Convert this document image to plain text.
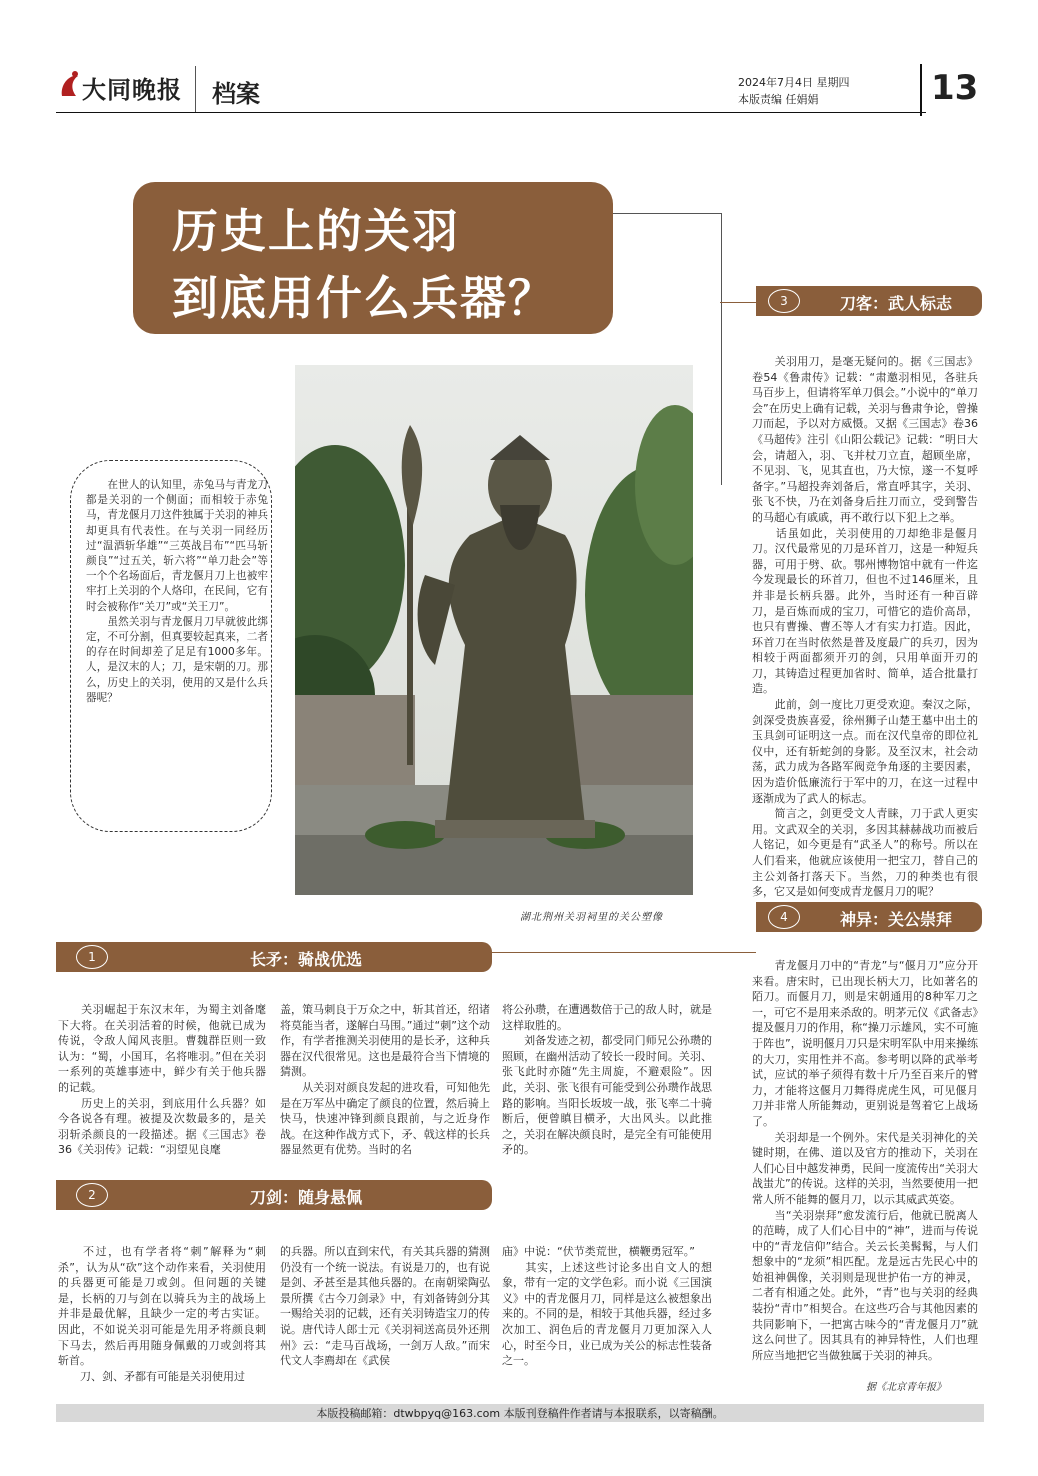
大同晚报 档案	2024年7月4日 星期四
本版责编 任娟娟	13
历史上的关羽
到底用什么兵器？
湖北荆州关羽祠里的关公塑像
　　在世人的认知里，赤兔马与青龙刀都是关羽的一个侧面；而相较于赤兔马，青龙偃月刀这件独属于关羽的神兵却更具有代表性。在与关羽一同经历过“温酒斩华雄”“三英战吕布”“匹马斩颜良”“过五关，斩六将”“单刀赴会”等一个个名场面后，青龙偃月刀上也被牢牢打上关羽的个人烙印，在民间，它有时会被称作“关刀”或“关王刀”。
　　虽然关羽与青龙偃月刀早就彼此绑定，不可分割，但真要较起真来，二者的存在时间却差了足足有1000多年。人，是汉末的人；刀，是宋朝的刀。那么，历史上的关羽，使用的又是什么兵器呢？
3	刀客：武人标志
　　关羽用刀，是毫无疑问的。据《三国志》卷54《鲁肃传》记载：“肃邀羽相见，各驻兵马百步上，但请将军单刀俱会。”小说中的“单刀会”在历史上确有记载，关羽与鲁肃争论，曾操刀而起，予以对方威慑。又据《三国志》卷36《马超传》注引《山阳公载记》记载：“明日大会，请超入，羽、飞并杖刀立直，超顾坐席，不见羽、飞，见其直也，乃大惊，遂一不复呼备字。”马超投奔刘备后，常直呼其字，关羽、张飞不快，乃在刘备身后拄刀而立，受到警告的马超心有戚戚，再不敢行以下犯上之举。
　　话虽如此，关羽使用的刀却绝非是偃月刀。汉代最常见的刀是环首刀，这是一种短兵器，可用于劈、砍。鄂州博物馆中就有一件迄今发现最长的环首刀，但也不过146厘米，且并非是长柄兵器。此外，当时还有一种百辟刀，是百炼而成的宝刀，可惜它的造价高昂，也只有曹操、曹丕等人才有实力打造。因此，环首刀在当时依然是普及度最广的兵刃，因为相较于两面都须开刃的剑，只用单面开刃的刀，其铸造过程更加省时、简单，适合批量打造。
　　此前，剑一度比刀更受欢迎。秦汉之际，剑深受贵族喜爱，徐州狮子山楚王墓中出土的玉具剑可证明这一点。而在汉代皇帝的即位礼仪中，还有斩蛇剑的身影。及至汉末，社会动荡，武力成为各路军阀竞争角逐的主要因素，因为造价低廉流行于军中的刀，在这一过程中逐渐成为了武人的标志。
　　简言之，剑更受文人青睐，刀于武人更实用。文武双全的关羽，多因其赫赫战功而被后人铭记，如今更是有“武圣人”的称号。所以在人们看来，他就应该使用一把宝刀，替自己的主公刘备打落天下。当然，刀的种类也有很多，它又是如何变成青龙偃月刀的呢？
4	神异：关公崇拜
　　青龙偃月刀中的“青龙”与“偃月刀”应分开来看。唐宋时，已出现长柄大刀，比如著名的陌刀。而偃月刀，则是宋朝通用的8种军刀之一，可它不是用来杀敌的。明茅元仪《武备志》提及偃月刀的作用，称“操刀示雄风，实不可施于阵也”，说明偃月刀只是宋明军队中用来操练的大刀，实用性并不高。参考明以降的武举考试，应试的举子须得有数十斤乃至百来斤的臂力，才能将这偃月刀舞得虎虎生风，可见偃月刀并非常人所能舞动，更别说是驾着它上战场了。
　　关羽却是一个例外。宋代是关羽神化的关键时期，在佛、道以及官方的推动下，关羽在人们心目中越发神勇，民间一度流传出“关羽大战蚩尤”的传说。这样的关羽，当然要使用一把常人所不能舞的偃月刀，以示其威武英姿。
　　当“关羽崇拜”愈发流行后，他就已脱离人的范畴，成了人们心目中的“神”，进而与传说中的“青龙信仰”结合。关云长美髯髯，与人们想象中的“龙须”相匹配。龙是远古先民心中的始祖神偶像，关羽则是现世护佑一方的神灵，二者有相通之处。此外，“青”也与关羽的经典装扮“青巾”相契合。在这些巧合与其他因素的共同影响下，一把寓古味今的“青龙偃月刀”就这么问世了。因其具有的神异特性，人们也理所应当地把它当做独属于关羽的神兵。
据《北京青年报》
1	长矛：骑战优选
　　关羽崛起于东汉末年，为蜀主刘备麾下大将。在关羽活着的时候，他就已成为传说，令敌人闻风丧胆。曹魏群臣则一致认为：“蜀，小国耳，名将唯羽。”但在关羽一系列的英雄事迹中，鲜少有关于他兵器的记载。
　　历史上的关羽，到底用什么兵器？如今各说各有理。被提及次数最多的，是关羽斩杀颜良的一段描述。据《三国志》卷36《关羽传》记载：“羽望见良麾
盖，策马刺良于万众之中，斩其首还，绍诸将莫能当者，遂解白马围。”通过“刺”这个动作，有学者推测关羽使用的是长矛，这种兵器在汉代很常见。这也是最符合当下情境的猜测。
　　从关羽对颜良发起的进攻看，可知他先是在万军丛中确定了颜良的位置，然后骑上快马，快速冲锋到颜良跟前，与之近身作战。在这种作战方式下，矛、戟这样的长兵器显然更有优势。当时的名
将公孙瓒，在遭遇数倍于己的敌人时，就是这样取胜的。
　　刘备发迹之初，都受同门师兄公孙瓒的照顾，在幽州活动了较长一段时间。关羽、张飞此时亦随“先主周旋，不避艰险”。因此，关羽、张飞很有可能受到公孙瓒作战思路的影响。当阳长坂坡一战，张飞率二十骑断后，便曾瞋目横矛，大出风头。以此推之，关羽在解决颜良时，是完全有可能使用矛的。
2	刀剑：随身悬佩
　　不过，也有学者将“刺”解释为“刺杀”，认为从“砍”这个动作来看，关羽使用的兵器更可能是刀或剑。但问题的关键是，长柄的刀与剑在以骑兵为主的战场上并非是最优解，且缺少一定的考古实证。因此，不如说关羽可能是先用矛将颜良刺下马去，然后再用随身佩戴的刀或剑将其斩首。
　　刀、剑、矛都有可能是关羽使用过
的兵器。所以直到宋代，有关其兵器的猜测仍没有一个统一说法。有说是刀的，也有说是剑、矛甚至是其他兵器的。在南朝梁陶弘景所撰《古今刀剑录》中，有刘备铸剑分其一赐给关羽的记载，还有关羽铸造宝刀的传说。唐代诗人郎士元《关羽祠送高员外还荆州》云：“走马百战场，一剑万人敌。”而宋代文人李廌却在《武侯
庙》中说：“伏节类荒世，横鞭勇冠军。”
　　其实，上述这些讨论多出自文人的想象，带有一定的文学色彩。而小说《三国演义》中的青龙偃月刀，同样是这么被想象出来的。不同的是，相较于其他兵器，经过多次加工、润色后的青龙偃月刀更加深入人心，时至今日，业已成为关公的标志性装备之一。
本版投稿邮箱：dtwbpyq@163.com 本版刊登稿件作者请与本报联系，以寄稿酬。
